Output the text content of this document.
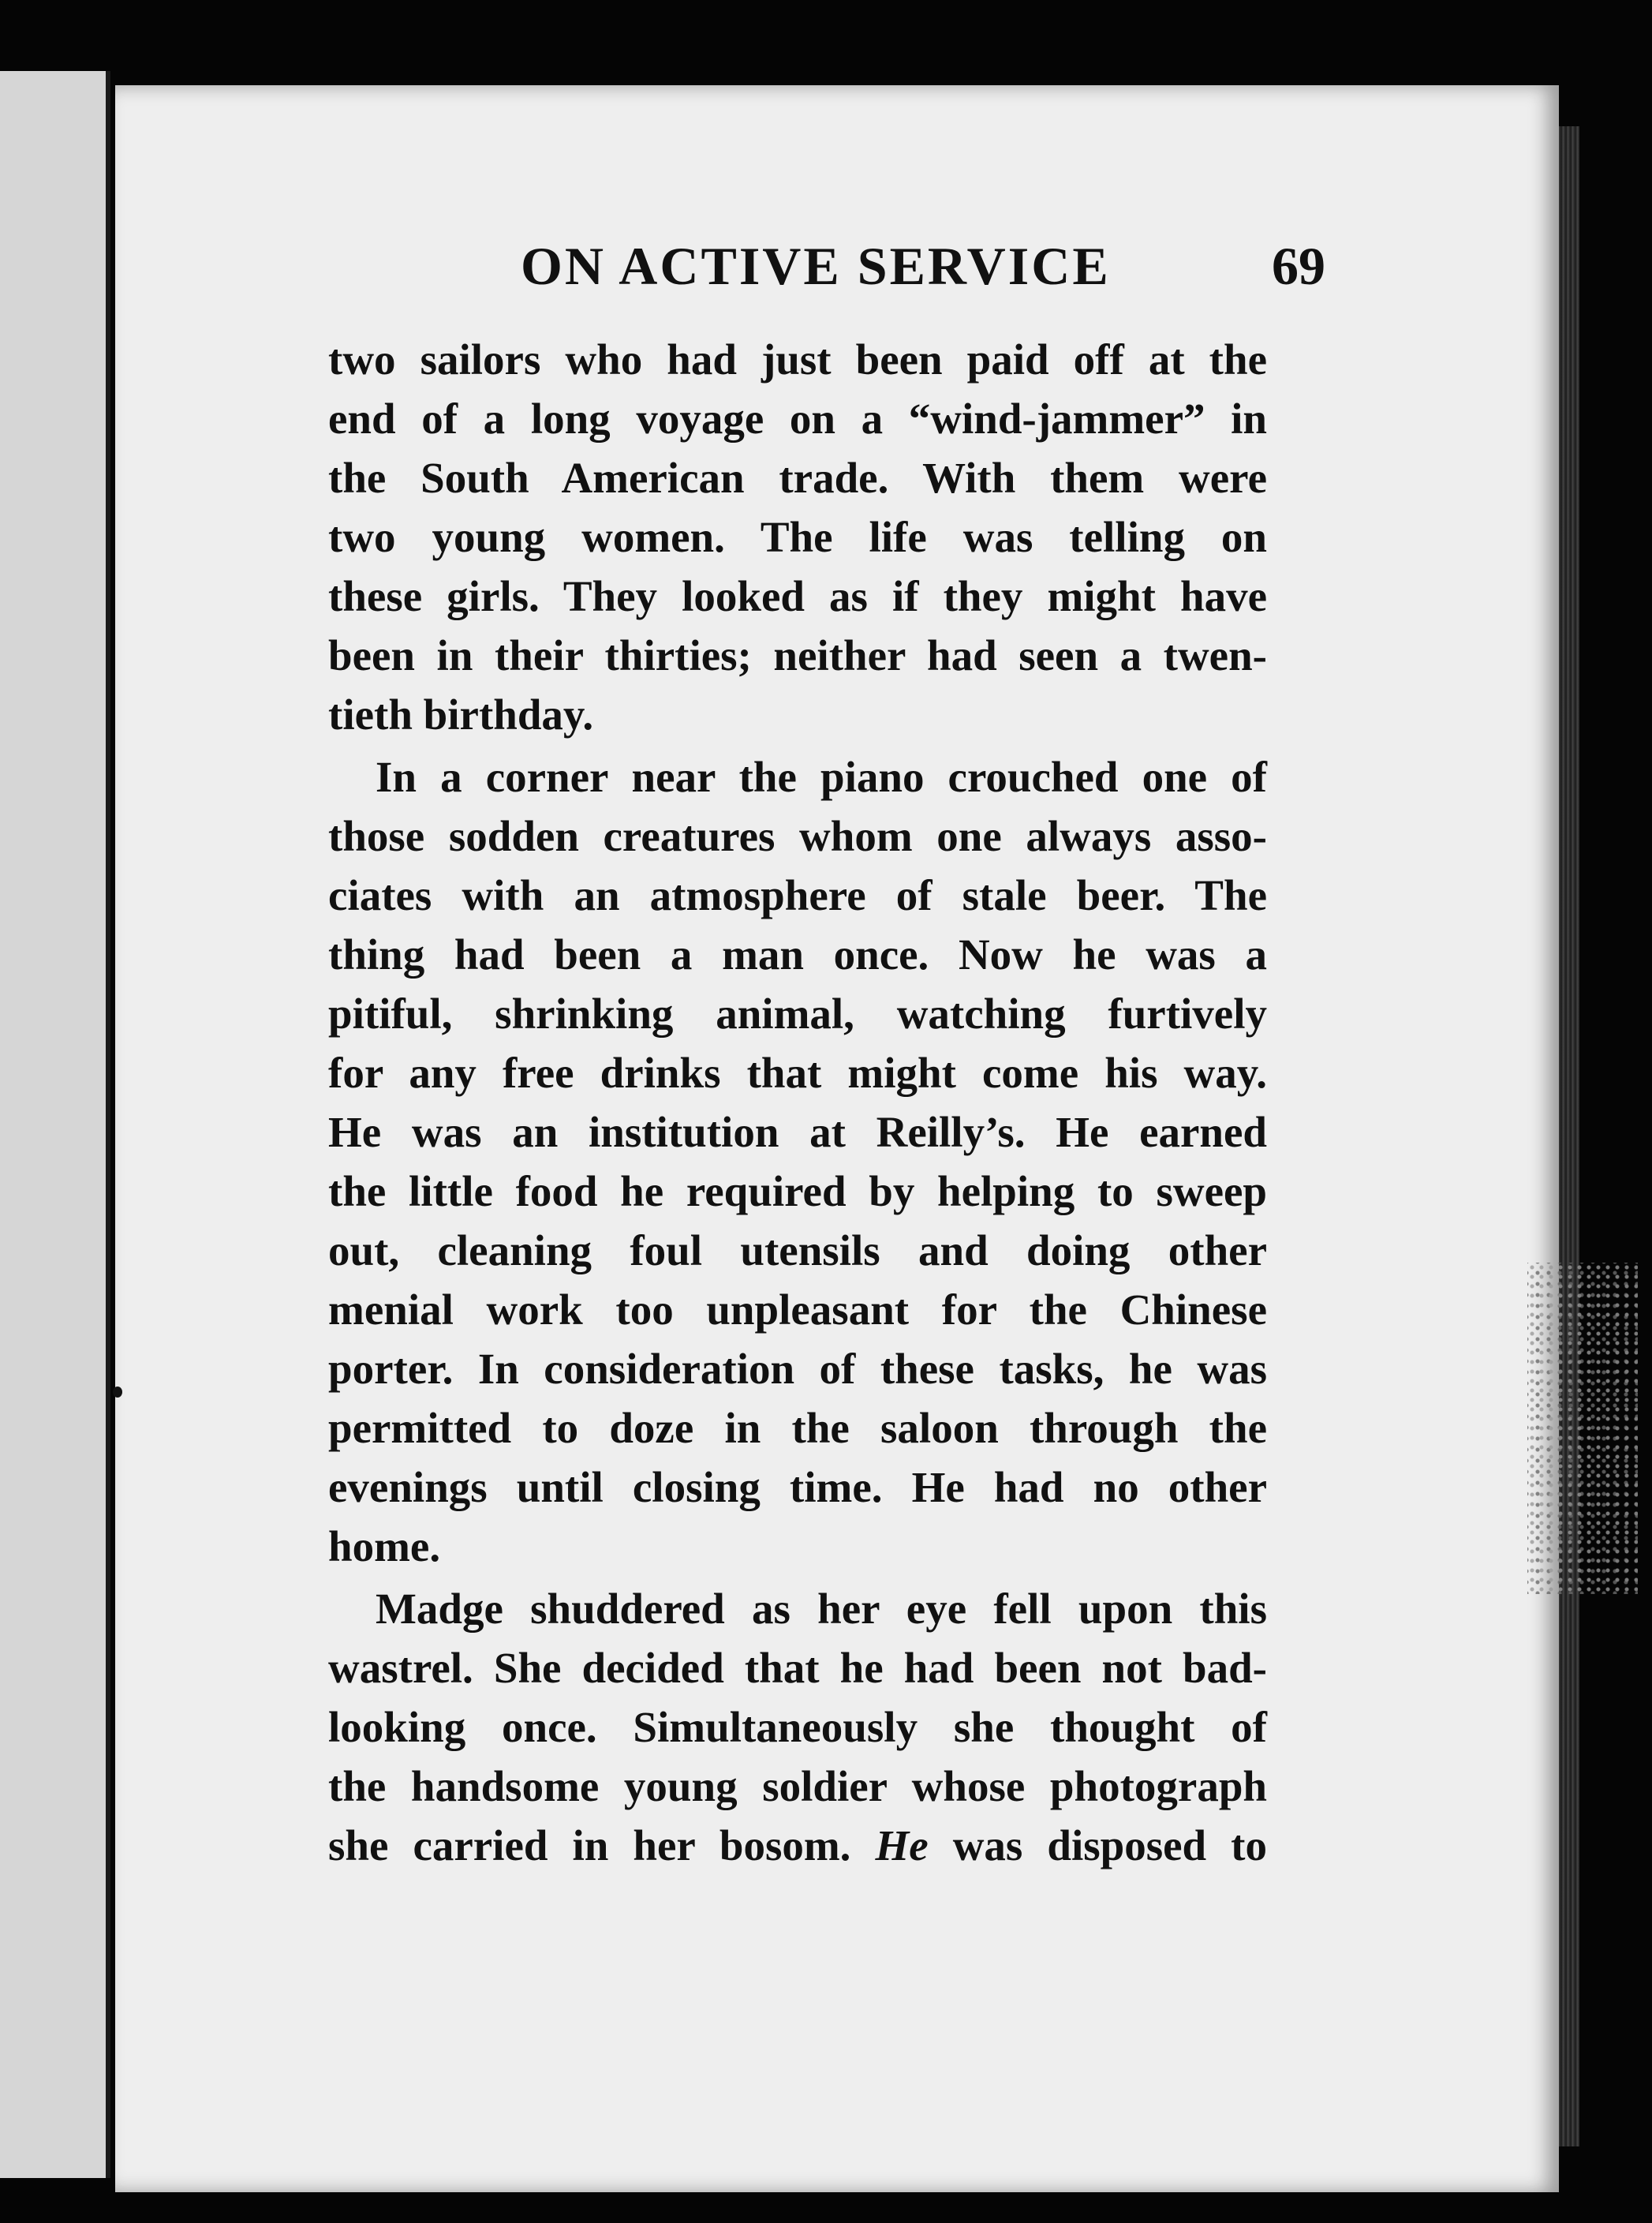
ON ACTIVE SERVICE	69
two sailors who had just been paid off at the
end of a long voyage on a “wind-jammer” in
the South American trade. With them were
two young women. The life was telling on
these girls. They looked as if they might have
been in their thirties; neither had seen a twen-
tieth birthday.
In a corner near the piano crouched one of
those sodden creatures whom one always asso-
ciates with an atmosphere of stale beer. The
thing had been a man once. Now he was a
pitiful, shrinking animal, watching furtively
for any free drinks that might come his way.
He was an institution at Reilly’s. He earned
the little food he required by helping to sweep
out, cleaning foul utensils and doing other
menial work too unpleasant for the Chinese
porter. In consideration of these tasks, he was
permitted to doze in the saloon through the
evenings until closing time. He had no other
home.
Madge shuddered as her eye fell upon this
wastrel. She decided that he had been not bad-
looking once. Simultaneously she thought of
the handsome young soldier whose photograph
she carried in her bosom. He was disposed to
